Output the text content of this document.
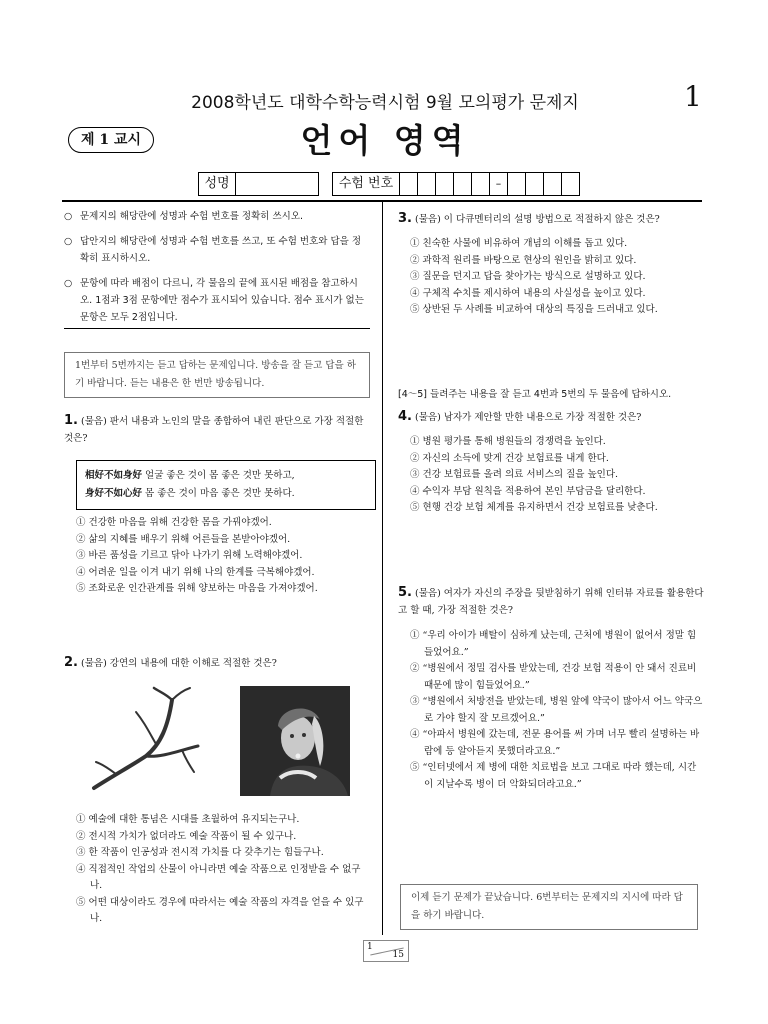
2008학년도 대학수학능력시험 9월 모의평가 문제지	1
제 1 교시	언어 영역
성명	수험 번호	–
○ 문제지의 해당란에 성명과 수험 번호를 정확히 쓰시오.
○ 답안지의 해당란에 성명과 수험 번호를 쓰고, 또 수험 번호와 답을 정확히 표시하시오.
○ 문항에 따라 배점이 다르니, 각 물음의 끝에 표시된 배점을 참고하시오. 1점과 3점 문항에만 점수가 표시되어 있습니다. 점수 표시가 없는 문항은 모두 2점입니다.
1번부터 5번까지는 듣고 답하는 문제입니다. 방송을 잘 듣고 답을 하기 바랍니다. 듣는 내용은 한 번만 방송됩니다.
1. (물음) 판서 내용과 노인의 말을 종합하여 내린 판단으로 가장 적절한 것은?
相好不如身好 얼굴 좋은 것이 몸 좋은 것만 못하고,
身好不如心好 몸 좋은 것이 마음 좋은 것만 못하다.
① 건강한 마음을 위해 건강한 몸을 가꿔야겠어.
② 삶의 지혜를 배우기 위해 어른들을 본받아야겠어.
③ 바른 품성을 기르고 닦아 나가기 위해 노력해야겠어.
④ 어려운 일을 이겨 내기 위해 나의 한계를 극복해야겠어.
⑤ 조화로운 인간관계를 위해 양보하는 마음을 가져야겠어.
2. (물음) 강연의 내용에 대한 이해로 적절한 것은?
① 예술에 대한 통념은 시대를 초월하여 유지되는구나.
② 전시적 가치가 없더라도 예술 작품이 될 수 있구나.
③ 한 작품이 인공성과 전시적 가치를 다 갖추기는 힘들구나.
④ 직접적인 작업의 산물이 아니라면 예술 작품으로 인정받을 수 없구나.
⑤ 어떤 대상이라도 경우에 따라서는 예술 작품의 자격을 얻을 수 있구나.
3. (물음) 이 다큐멘터리의 설명 방법으로 적절하지 않은 것은?
① 친숙한 사물에 비유하여 개념의 이해를 돕고 있다.
② 과학적 원리를 바탕으로 현상의 원인을 밝히고 있다.
③ 질문을 던지고 답을 찾아가는 방식으로 설명하고 있다.
④ 구체적 수치를 제시하여 내용의 사실성을 높이고 있다.
⑤ 상반된 두 사례를 비교하여 대상의 특징을 드러내고 있다.
[4～5] 들려주는 내용을 잘 듣고 4번과 5번의 두 물음에 답하시오.
4. (물음) 남자가 제안할 만한 내용으로 가장 적절한 것은?
① 병원 평가를 통해 병원들의 경쟁력을 높인다.
② 자신의 소득에 맞게 건강 보험료를 내게 한다.
③ 건강 보험료를 올려 의료 서비스의 질을 높인다.
④ 수익자 부담 원칙을 적용하여 본인 부담금을 달리한다.
⑤ 현행 건강 보험 체계를 유지하면서 건강 보험료를 낮춘다.
5. (물음) 여자가 자신의 주장을 뒷받침하기 위해 인터뷰 자료를 활용한다고 할 때, 가장 적절한 것은?
① “우리 아이가 배탈이 심하게 났는데, 근처에 병원이 없어서 정말 힘들었어요.”
② “병원에서 정밀 검사를 받았는데, 건강 보험 적용이 안 돼서 진료비 때문에 많이 힘들었어요.”
③ “병원에서 처방전을 받았는데, 병원 앞에 약국이 많아서 어느 약국으로 가야 할지 잘 모르겠어요.”
④ “아파서 병원에 갔는데, 전문 용어를 써 가며 너무 빨리 설명하는 바람에 등 알아듣지 못했더라고요.”
⑤ “인터넷에서 제 병에 대한 치료법을 보고 그대로 따라 했는데, 시간이 지날수록 병이 더 악화되더라고요.”
이제 듣기 문제가 끝났습니다. 6번부터는 문제지의 지시에 따라 답을 하기 바랍니다.
1
15
